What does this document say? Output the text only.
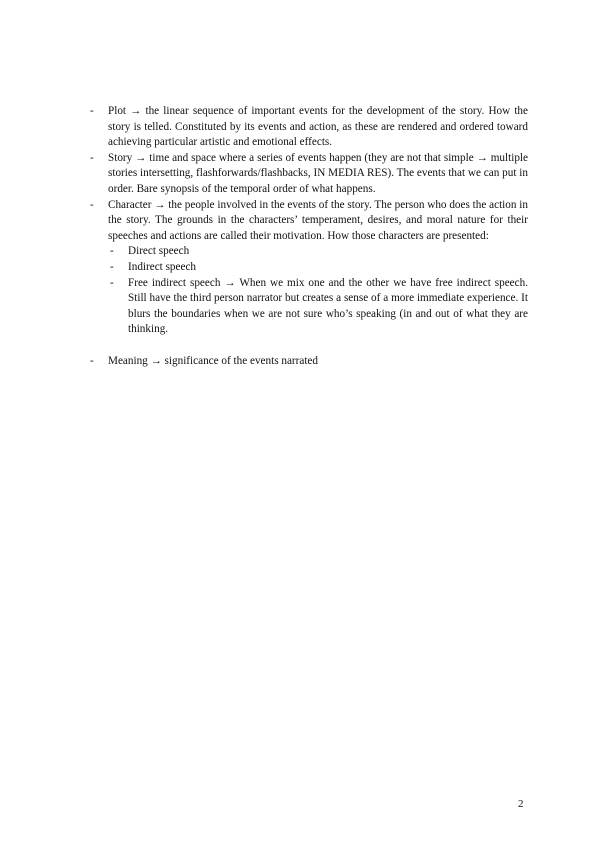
- Plot → the linear sequence of important events for the development of the story. How the story is telled. Constituted by its events and action, as these are rendered and ordered toward achieving particular artistic and emotional effects.
- Story → time and space where a series of events happen (they are not that simple → multiple stories intersetting, flashforwards/flashbacks, IN MEDIA RES). The events that we can put in order. Bare synopsis of the temporal order of what happens.
- Character → the people involved in the events of the story. The person who does the action in the story. The grounds in the characters’ temperament, desires, and moral nature for their speeches and actions are called their motivation. How those characters are presented:
- Direct speech
- Indirect speech
- Free indirect speech → When we mix one and the other we have free indirect speech. Still have the third person narrator but creates a sense of a more immediate experience. It blurs the boundaries when we are not sure who’s speaking (in and out of what they are thinking.
- Meaning → significance of the events narrated
2
